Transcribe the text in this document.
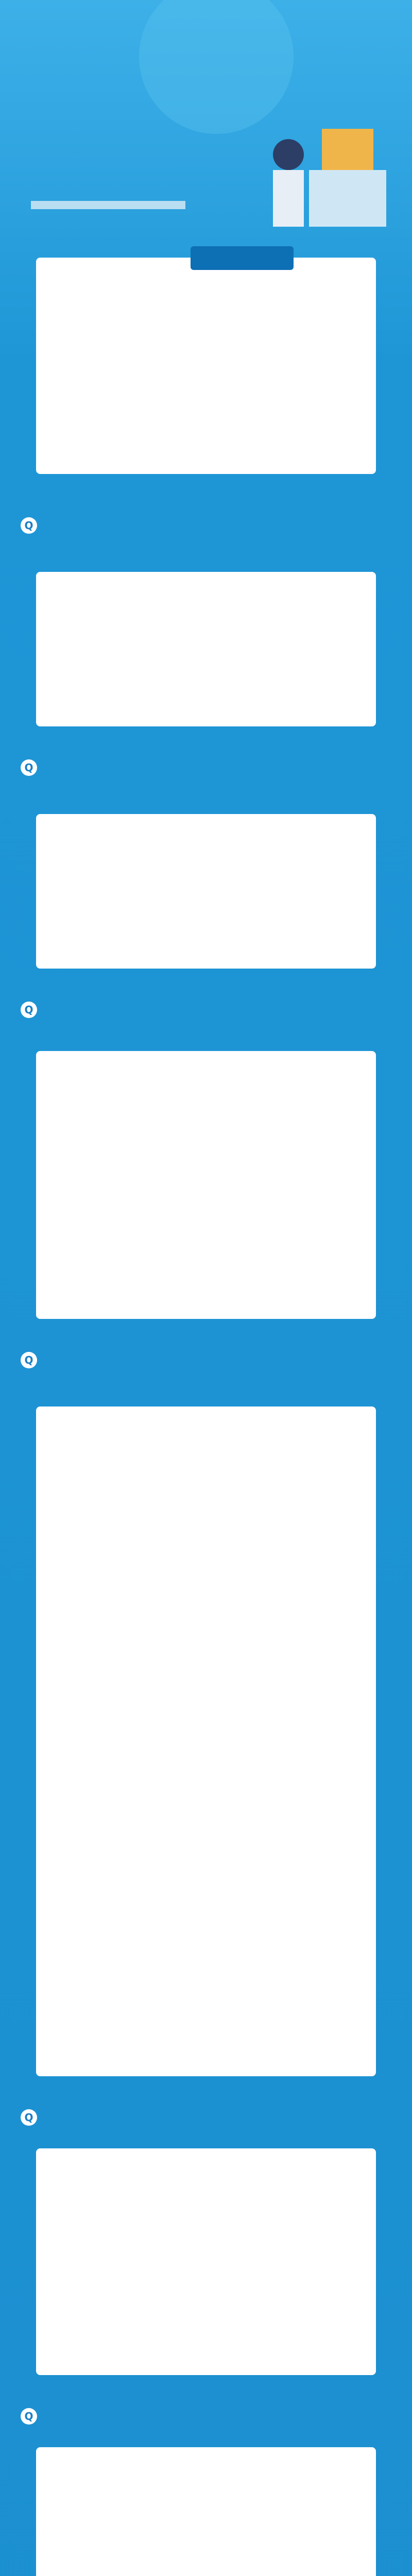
Q
Q
Q
Q
Q
Q
